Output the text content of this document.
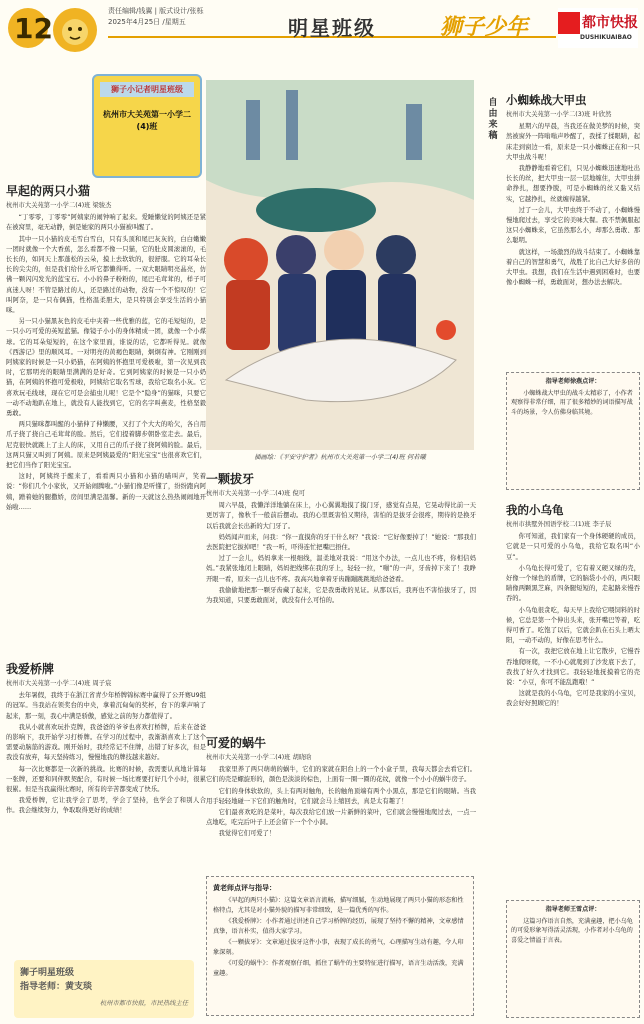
12
责任编辑/钱翼 | 版式设计/张栎
2025年4月25日 /星期五	明星班级	狮子少年	都市快报
DUSHIKUAIBAO
狮子小记者明星班级
杭州市大关苑第一小学二(4)班
早起的两只小猫
杭州市大关苑第一小学二(4)班 梁骏杰

“丁零零，丁零零”阿姨家的闹钟响了起来。爱睡懒觉的阿姨还是紧在被窝里，毫无动静，倒是她家的两只小猫被叫醒了。

其中一只小猫的皮毛雪白雪白，只有头顶和尾巴灰灰的，白白嫩嫩一团时就像一个大香蕉，怎么看都不像一只猫，它的肚皮圆滚滚的，毛长长的，如同天上那蓬松的云朵，摸上去软软的，很舒服。它的耳朵长长的尖尖的，但是我们给什么听它都懒得听。一双大眼睛明亮晶亮，仿佛一颗闪闪发光的蓝宝石。小小的鼻子粉粉的，尾巴毛茸茸的，样子可真迷人呀！不管是路过的人，还是路过的动物，没有一个不惊叹的！它叫阿奈，是一只布偶猫，性格温柔胆大，是只特别会享受生活的小猫咪。

另一只小猫黑灰色的皮毛中夹着一些优雅的蓝，它的毛短短的，是一只小巧可爱的英短蓝猫。像镜子小小的身体精成一团，就像一个小煤球。它的耳朵短短的，在这个家里面，谁说的话，它都听得见。就像《西游记》里的顺风耳。一对明亮的黄褐色眼睛，炯炯有神。它刚刚到阿姨家的时候是一只小奶猫，在阿姨的怀抱里可爱极啦，第一次见到我时，它那明亮的眼睛里满满的是好奇。它到阿姨家的时候是一只小奶猫，在阿姨的怀抱可爱极啦，阿姨给它取名雪球，我给它取名小灰。它喜欢玩毛线球，现在它可是会捕虫儿呢！它是个“隐身”的猫咪，只要它一动不动地趴在地上，就没有人能找到它，它的名字叫燕麦，性格坚毅勇敢。

两只猫咪都叫醒的小猫伸了伸懒腰，又打了个大大的哈欠，各自用爪子挠了挠自己毛茸茸的脸。然后，它们提着脚步朝卧室走去。最后，尼克很快就跳上了主人的床，又用自己的爪子挠了挠阿姨的脸。最后，这两只猫又叫到了阿姨。原来是阿姨最爱的“阳光宝宝”也很喜欢它们，把它们当作了阳光宝宝。

这时，阿姨终于醒来了，看看两只小猫和小猫的喵叫声，笑着说：“你们几个小家伙，又开始闹腾啦。”小猫们像是听懂了，纷纷跑向阿姨，蹭着她的腿撒娇，房间里满是温馨。新的一天就这么热热闹闹地开始啦……

我爱桥牌
杭州市大关苑第一小学二(4)班 周子宸

去年暑假，我终于在浙江省青少年桥牌锦标赛中赢得了公开赛U9组的冠军。当我站在领奖台的中央，拿着沉甸甸的奖杯，台下的掌声响了起来，那一刻，我心中满是骄傲，感觉之前的努力都值得了。

我从小就喜欢玩扑克牌，我爸爸的爷爷也喜欢打桥牌，后来在爸爸的影响下，我开始学习打桥牌。在学习的过程中，我渐渐喜欢上了这个需要动脑筋的游戏。刚开始时，我经常记不住牌，出错了好多次，但是我没有放弃，每天坚持练习，慢慢地我的牌技越来越好。

每一次比赛都是一次新的挑战。比赛的时候，我需要认真地计算每一张牌，还要和同伴默契配合，有时候一场比赛要打好几个小时，很累很累。但是当我赢得比赛时，所有的辛苦都变成了快乐。

我爱桥牌，它让我学会了思考，学会了坚持，也学会了和别人合作。我会继续努力，争取取得更好的成绩！

狮子明星班级
指导老师：黄支琰
杭州市都市快报，市民热线主任
插画绘：《平安守护者》杭州市大关苑第一小学二(4)班 何若曦
一颗拔牙
杭州市大关苑第一小学二(4)班 倪可

周六早晨，我懒洋洋地躺在床上，小心翼翼地摸了摸门牙，感觉有点晃，它晃动得比前一天更厉害了，像秋千一般前后摆动。我的心里既害怕又期待，害怕的是拔牙会很疼，期待的是换牙以后我就会长出新的大门牙了。

妈妈闻声而来，问我：“你一直摸你的牙干什么呀？”我说：“它好像要掉了！”她说：“那我们去医院把它拔掉吧！”我一听，吓得连忙把嘴巴捂住。

过了一会儿，妈妈拿来一根细线，温柔地对我说：“用这个办法，一点儿也不疼，你相信妈妈。”我紧张地闭上眼睛，妈妈把线绑在我的牙上，轻轻一拉，“嘣”的一声，牙齿掉下来了！我睁开眼一看，原来一点儿也不疼。我高兴地拿着牙齿蹦蹦跳跳地给爸爸看。

我偷偷地把那一颗牙齿藏了起来，它是我勇敢的见证。从那以后，我再也不害怕拔牙了，因为我知道，只要勇敢面对，就没有什么可怕的。

可爱的蜗牛
杭州市大关苑第一小学二(4)班 胡晓晗

我家里养了两只萌萌的蜗牛，它们的家就在阳台上的一个小盒子里，我每天都会去看它们。它们的壳是螺旋形的，颜色是淡淡的棕色，上面有一圈一圈的花纹，就像一个小小的蜗牛房子。

它们的身体软软的，头上有两对触角，长的触角顶端有两个小黑点，那是它们的眼睛。当我用手轻轻地碰一下它们的触角时，它们就会马上缩回去，真是太有趣了！

它们最喜欢吃的是菜叶，每次我给它们放一片新鲜的菜叶，它们就会慢慢地爬过去，一点一点地吃，吃完后叶子上还会留下一个个小洞。

我觉得它们可爱了！

黄老师点评与指导：

《早起的两只小猫》：这篇文章语言流畅，描写细腻，生动地展现了两只小猫的形态和性格特点，尤其是对小猫外貌的描写非常细致，是一篇优秀的写作。

《我爱桥牌》：小作者通过讲述自己学习桥牌的经历，展现了坚持不懈的精神，文章感情真挚，语言朴实，值得大家学习。

《一颗拔牙》：文章通过拔牙这件小事，表现了成长的勇气，心理描写生动有趣，令人印象深刻。

《可爱的蜗牛》：作者观察仔细，抓住了蜗牛的主要特征进行描写，语言生动活泼，充满童趣。

自由来稿
小蜘蛛战大甲虫
杭州市大关苑第一小学二(3)班 叶欣然

星期六的早晨，当我还在做美梦的时候，突然被窗外一阵嗡嗡声吵醒了，我揉了揉眼睛，起床走到窗边一看，原来是一只小蜘蛛正在和一只大甲虫战斗呢！

我静静地看着它们，只见小蜘蛛迅速地吐出长长的丝，把大甲虫一层一层地缠住，大甲虫拼命挣扎，想要挣脱，可是小蜘蛛的丝又黏又结实，它越挣扎，丝就缠得越紧。

过了一会儿，大甲虫终于不动了，小蜘蛛慢慢地爬过去，享受它的美味大餐。我不禁佩服起这只小蜘蛛来，它虽然那么小，却那么勇敢、那么聪明。

就这样，一场激烈的战斗结束了。小蜘蛛靠着自己的智慧和勇气，战胜了比自己大好多倍的大甲虫。我想，我们在生活中遇到困难时，也要像小蜘蛛一样，勇敢面对，想办法去解决。

指导老师徐燕点评：

小蜘蛛战大甲虫的战斗太精彩了，小作者观察得非常仔细，用了很多精妙的词语描写战斗的场景，令人仿佛身临其境。

我的小乌龟
杭州市拱墅外国语学校二(1)班 李子辰

你可知道，我们家有一个身体硬硬的成员，它就是一只可爱的小乌龟，我给它取名叫“小豆”。

小乌龟长得可爱了，它有着又硬又绿的壳，好像一个绿色的盾牌，它的脑袋小小的，两只眼睛像两颗黑芝麻，四条腿短短的，走起路来慢吞吞的。

小乌龟很贪吃，每天早上我给它喂饲料的时候，它总是第一个伸出头来，张开嘴巴等着，吃得可香了。吃饱了以后，它就会趴在石头上晒太阳，一动不动的，好像在思考什么。

有一次，我把它放在地上让它散步，它慢吞吞地爬呀爬，一不小心就爬到了沙发底下去了，我找了好久才找到它。我轻轻地抚摸着它的壳说：“小豆，你可不能乱跑哦！”

这就是我的小乌龟，它可是我家的小宝贝，我会好好照顾它的！

指导老师王雪点评：

这篇习作语言自然，充满童趣，把小乌龟的可爱形象写得活灵活现，小作者对小乌龟的喜爱之情溢于言表。
